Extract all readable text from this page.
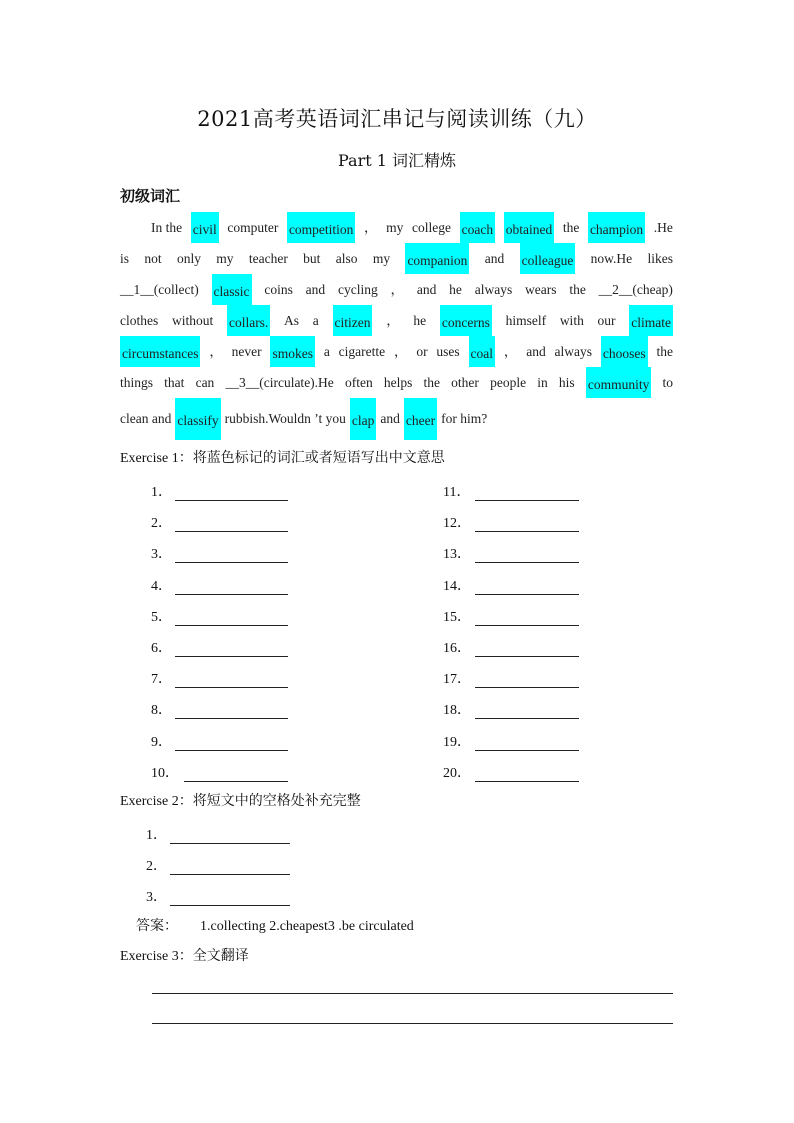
2021高考英语词汇串记与阅读训练（九）
Part 1 词汇精炼
初级词汇
In the civil computer competition ， my college coach obtained the champion .He
is not only my teacher but also my companion and colleague now.He likes
__1__(collect) classic coins and cycling ， and he always wears the __2__(cheap)
clothes without collars. As a citizen ， he concerns himself with our climate
circumstances ， never smokes a cigarette ， or uses coal ， and always chooses the
things that can __3__(circulate).He often helps the other people in his community to
clean and classify rubbish.Wouldn ’t you clap and cheer for him?
Exercise 1：将蓝色标记的词汇或者短语写出中文意思
1．
2．
3．
4．
5．
6．
7．
8．
9．
10．
11．
12．
13．
14．
15．
16．
17．
18．
19．
20．
Exercise 2：将短文中的空格处补充完整
1．
2．
3．
答案： 1.collecting 2.cheapest3 .be circulated
Exercise 3：全文翻译
